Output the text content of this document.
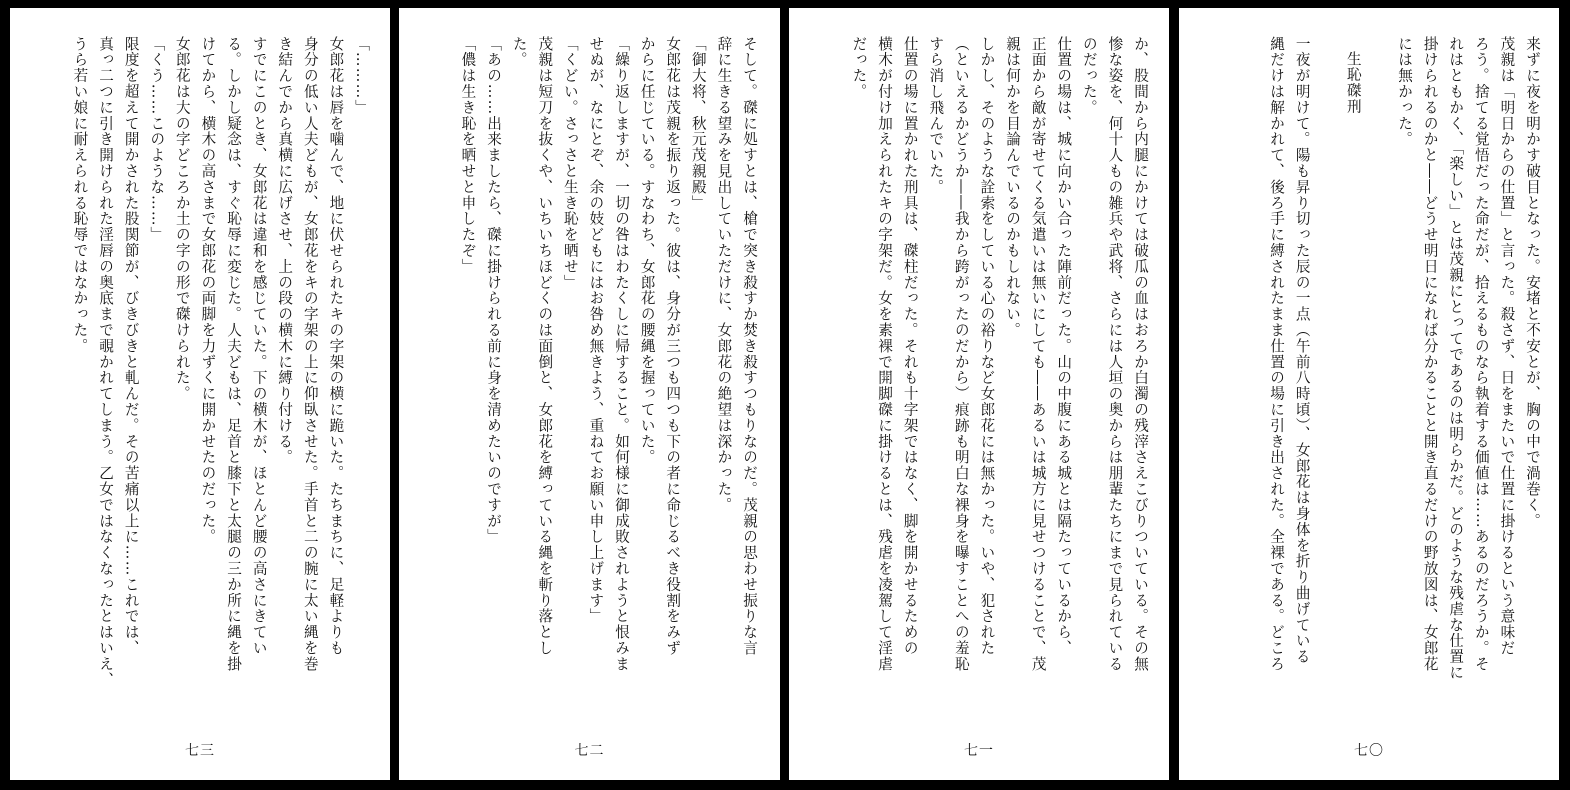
「………」

女郎花は唇を噛んで、地に伏せられたキの字架の横に跪いた。たちまちに、足軽よりも

身分の低い人夫どもが、女郎花をキの字架の上に仰臥させた。手首と二の腕に太い縄を巻

き結んでから真横に広げさせ、上の段の横木に縛り付ける。

すでにこのとき、女郎花は違和を感じていた。下の横木が、ほとんど腰の高さにきてい

る。しかし疑念は、すぐ恥辱に変じた。人夫どもは、足首と膝下と太腿の三か所に縄を掛

けてから、横木の高さまで女郎花の両脚を力ずくに開かせたのだった。

女郎花は大の字どころか土の字の形で磔けられた。

「くう……このような……」

限度を超えて開かされた股関節が、びきびきと軋んだ。その苦痛以上に……これでは、

真っ二つに引き開けられた淫唇の奥底まで覗かれてしまう。乙女ではなくなったとはいえ、

うら若い娘に耐えられる恥辱ではなかった。

七三

そして。磔に処すとは、槍で突き殺すか焚き殺すつもりなのだ。茂親の思わせ振りな言

辞に生きる望みを見出していただけに、女郎花の絶望は深かった。

「御大将、秋元茂親殿」

女郎花は茂親を振り返った。彼は、身分が三つも四つも下の者に命じるべき役割をみず

からに任じている。すなわち、女郎花の腰縄を握っていた。

「繰り返しますが、一切の咎はわたくしに帰すること。如何様に御成敗されようと恨みま

せぬが、なにとぞ、余の妓どもにはお咎め無きよう、重ねてお願い申し上げます」

「くどい。さっさと生き恥を晒せ」

茂親は短刀を抜くや、いちいちほどくのは面倒と、女郎花を縛っている縄を斬り落とし

た。

「あの……出来ましたら、磔に掛けられる前に身を清めたいのですが」

「儂は生き恥を晒せと申したぞ」

七二

か、股間から内腿にかけては破瓜の血はおろか白濁の残滓さえこびりついている。その無

惨な姿を、何十人もの雑兵や武将、さらには人垣の奥からは朋輩たちにまで見られている

のだった。

仕置の場は、城に向かい合った陣前だった。山の中腹にある城とは隔たっているから、

正面から敵が寄せてくる気遣いは無いにしても――あるいは城方に見せつけることで、茂

親は何かを目論んでいるのかもしれない。

しかし、そのような詮索をしている心の裕りなど女郎花には無かった。いや、犯された

（といえるかどうか――我から跨がったのだから）痕跡も明白な裸身を曝すことへの羞恥

すら消し飛んでいた。

仕置の場に置かれた刑具は、磔柱だった。それも十字架ではなく、脚を開かせるための

横木が付け加えられたキの字架だ。女を素裸で開脚磔に掛けるとは、残虐を凌駕して淫虐

だった。

七一

来ずに夜を明かす破目となった。安堵と不安とが、胸の中で渦巻く。

茂親は「明日からの仕置」と言った。殺さず、日をまたいで仕置に掛けるという意味だ

ろう。捨てる覚悟だった命だが、拾えるものなら執着する価値は……あるのだろうか。そ

れはともかく、「楽しい」とは茂親にとってであるのは明らかだ。どのような残虐な仕置に

掛けられるのかと――どうせ明日になれば分かることと開き直るだけの野放図は、女郎花

には無かった。

生恥磔刑

一夜が明けて。陽も昇り切った辰の一点（午前八時頃）、女郎花は身体を折り曲げている

縄だけは解かれて、後ろ手に縛されたまま仕置の場に引き出された。全裸である。どころ

七〇
